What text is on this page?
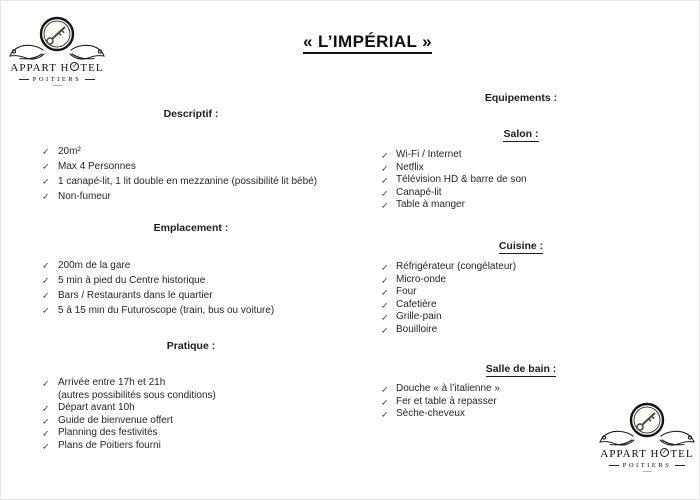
APPART H TEL
POITIERS
« L’IMPÉRIAL »
Descriptif :
✓ 20m²
✓ Max 4 Personnes
✓ 1 canapé-lit, 1 lit double en mezzanine (possibilité lit bébé)
✓ Non-fumeur
Emplacement :
✓ 200m de la gare
✓ 5 min à pied du Centre historique
✓ Bars / Restaurants dans le quartier
✓ 5 à 15 min du Futuroscope (train, bus ou voiture)
Pratique :
✓ Arrivée entre 17h et 21h
(autres possibilités sous conditions)
✓ Départ avant 10h
✓ Guide de bienvenue offert
✓ Planning des festivités
✓ Plans de Poitiers fourni
Equipements :
Salon :
✓ Wi-Fi / Internet
✓ Netflix
✓ Télévision HD & barre de son
✓ Canapé-lit
✓ Table à manger
Cuisine :
✓ Réfrigérateur (congélateur)
✓ Micro-onde
✓ Four
✓ Cafetière
✓ Grille-pain
✓ Bouilloire
Salle de bain :
✓ Douche « à l’italienne »
✓ Fer et table à repasser
✓ Sèche-cheveux
APPART H TEL
POITIERS
